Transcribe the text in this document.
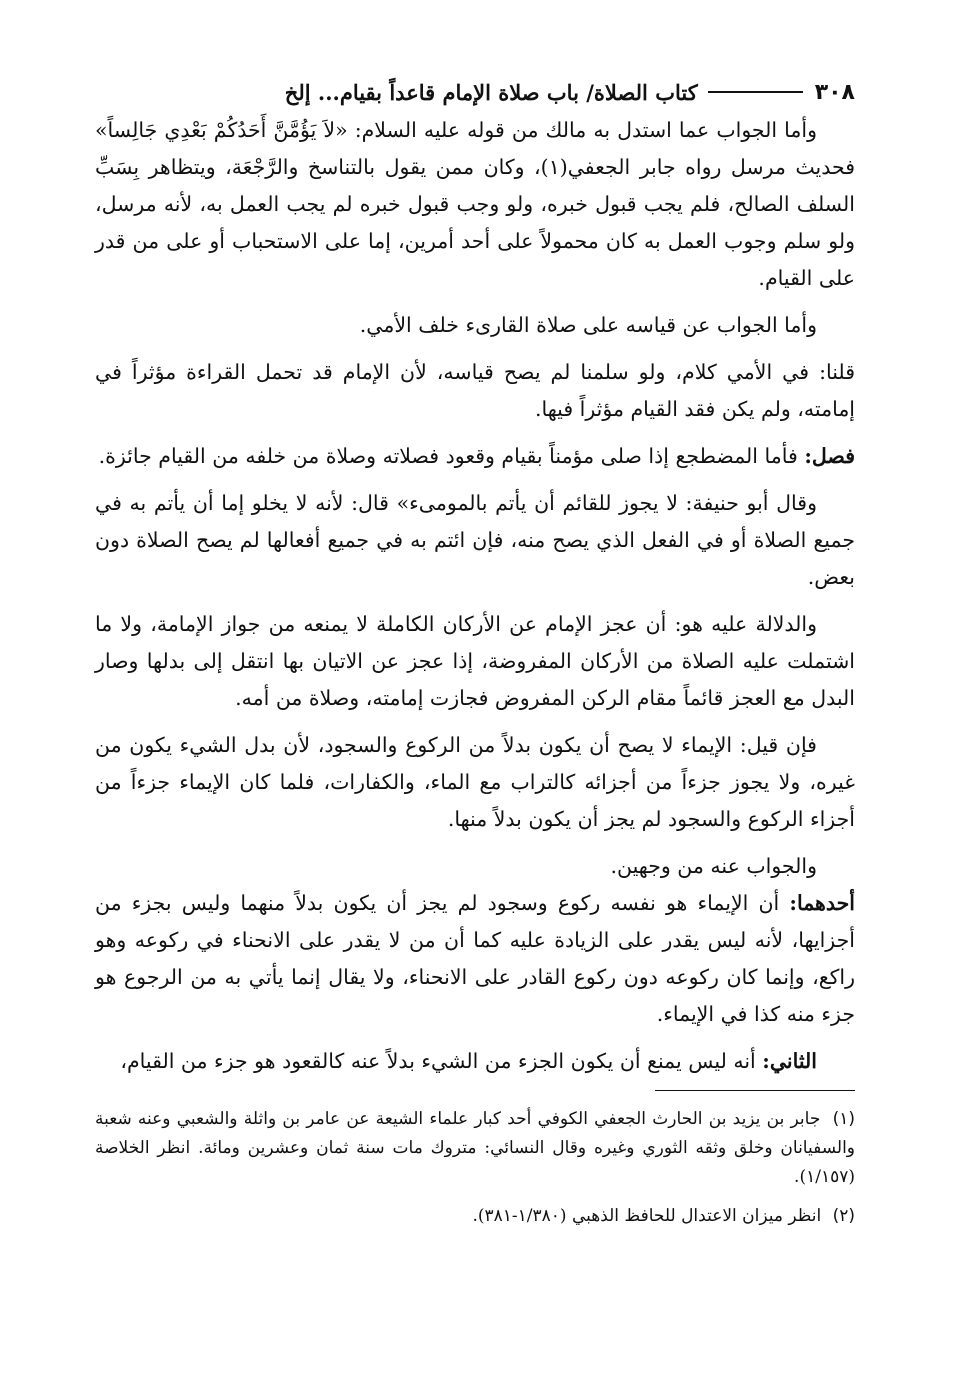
٣٠٨
كتاب الصلاة/ باب صلاة الإمام قاعداً بقيام... إلخ

وأما الجواب عما استدل به مالك من قوله عليه السلام: «لاَ يَؤُمَّنَّ أَحَدُكُمْ بَعْدِي جَالِساً» فحديث مرسل رواه جابر الجعفي(١)، وكان ممن يقول بالتناسخ والرَّجْعَة، ويتظاهر بِسَبِّ السلف الصالح، فلم يجب قبول خبره، ولو وجب قبول خبره لم يجب العمل به، لأنه مرسل، ولو سلم وجوب العمل به كان محمولاً على أحد أمرين، إما على الاستحباب أو على من قدر على القيام.

وأما الجواب عن قياسه على صلاة القارىء خلف الأمي.

قلنا: في الأمي كلام، ولو سلمنا لم يصح قياسه، لأن الإمام قد تحمل القراءة مؤثراً في إمامته، ولم يكن فقد القيام مؤثراً فيها.

فصل: فأما المضطجع إذا صلى مؤمناً بقيام وقعود فصلاته وصلاة من خلفه من القيام جائزة.

وقال أبو حنيفة: لا يجوز للقائم أن يأتم بالمومىء» قال: لأنه لا يخلو إما أن يأتم به في جميع الصلاة أو في الفعل الذي يصح منه، فإن ائتم به في جميع أفعالها لم يصح الصلاة دون بعض.

والدلالة عليه هو: أن عجز الإمام عن الأركان الكاملة لا يمنعه من جواز الإمامة، ولا ما اشتملت عليه الصلاة من الأركان المفروضة، إذا عجز عن الاتيان بها انتقل إلى بدلها وصار البدل مع العجز قائماً مقام الركن المفروض فجازت إمامته، وصلاة من أمه.

فإن قيل: الإيماء لا يصح أن يكون بدلاً من الركوع والسجود، لأن بدل الشيء يكون من غيره، ولا يجوز جزءاً من أجزائه كالتراب مع الماء، والكفارات، فلما كان الإيماء جزءاً من أجزاء الركوع والسجود لم يجز أن يكون بدلاً منها.

والجواب عنه من وجهين.

أحدهما: أن الإيماء هو نفسه ركوع وسجود لم يجز أن يكون بدلاً منهما وليس بجزء من أجزايها، لأنه ليس يقدر على الزيادة عليه كما أن من لا يقدر على الانحناء في ركوعه وهو راكع، وإنما كان ركوعه دون ركوع القادر على الانحناء، ولا يقال إنما يأتي به من الرجوع هو جزء منه كذا في الإيماء.

الثاني: أنه ليس يمنع أن يكون الجزء من الشيء بدلاً عنه كالقعود هو جزء من القيام،

(١) جابر بن يزيد بن الحارث الجعفي الكوفي أحد كبار علماء الشيعة عن عامر بن واثلة والشعبي وعنه شعبة والسفيانان وخلق وثقه الثوري وغيره وقال النسائي: متروك مات سنة ثمان وعشرين ومائة. انظر الخلاصة (١/١٥٧).

(٢) انظر ميزان الاعتدال للحافظ الذهبي (١/٣٨٠-٣٨١).
